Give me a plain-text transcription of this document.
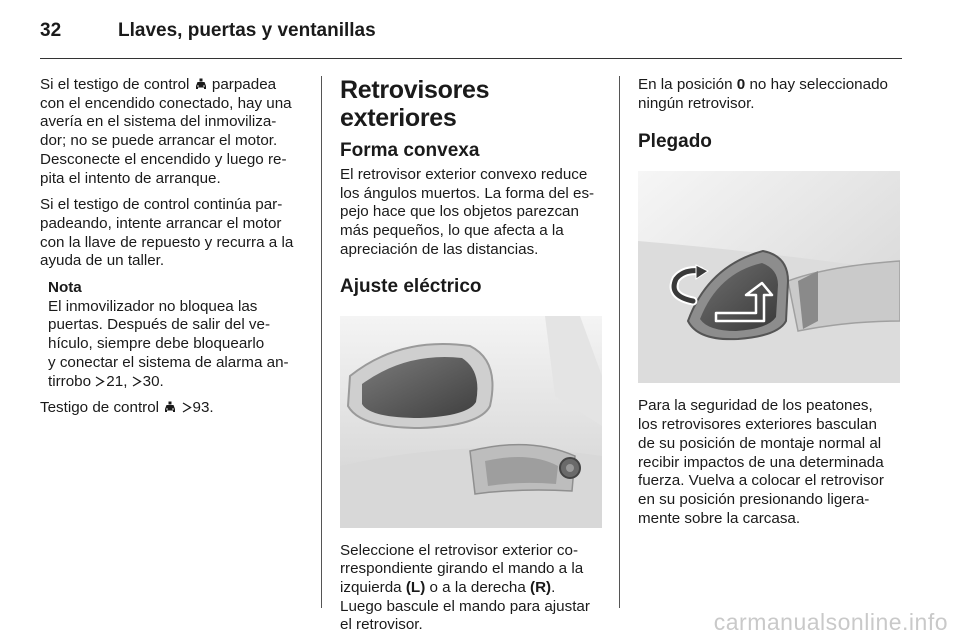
32	Llaves, puertas y ventanillas

Si el testigo de control parpadea
con el encendido conectado, hay una
avería en el sistema del inmoviliza-
dor; no se puede arrancar el motor.
Desconecte el encendido y luego re-
pita el intento de arranque.

Si el testigo de control continúa par-
padeando, intente arrancar el motor
con la llave de repuesto y recurra a la
ayuda de un taller.

Nota
El inmovilizador no bloquea las
puertas. Después de salir del ve-
hículo, siempre debe bloquearlo
y conectar el sistema de alarma an-
tirrobo 21, 30.

Testigo de control 93.

Retrovisores exteriores
Forma convexa

El retrovisor exterior convexo reduce
los ángulos muertos. La forma del es-
pejo hace que los objetos parezcan
más pequeños, lo que afecta a la
apreciación de las distancias.

Ajuste eléctrico

Seleccione el retrovisor exterior co-
rrespondiente girando el mando a la
izquierda (L) o a la derecha (R).
Luego bascule el mando para ajustar
el retrovisor.

En la posición 0 no hay seleccionado
ningún retrovisor.

Plegado

Para la seguridad de los peatones,
los retrovisores exteriores basculan
de su posición de montaje normal al
recibir impactos de una determinada
fuerza. Vuelva a colocar el retrovisor
en su posición presionando ligera-
mente sobre la carcasa.

carmanualsonline.info
